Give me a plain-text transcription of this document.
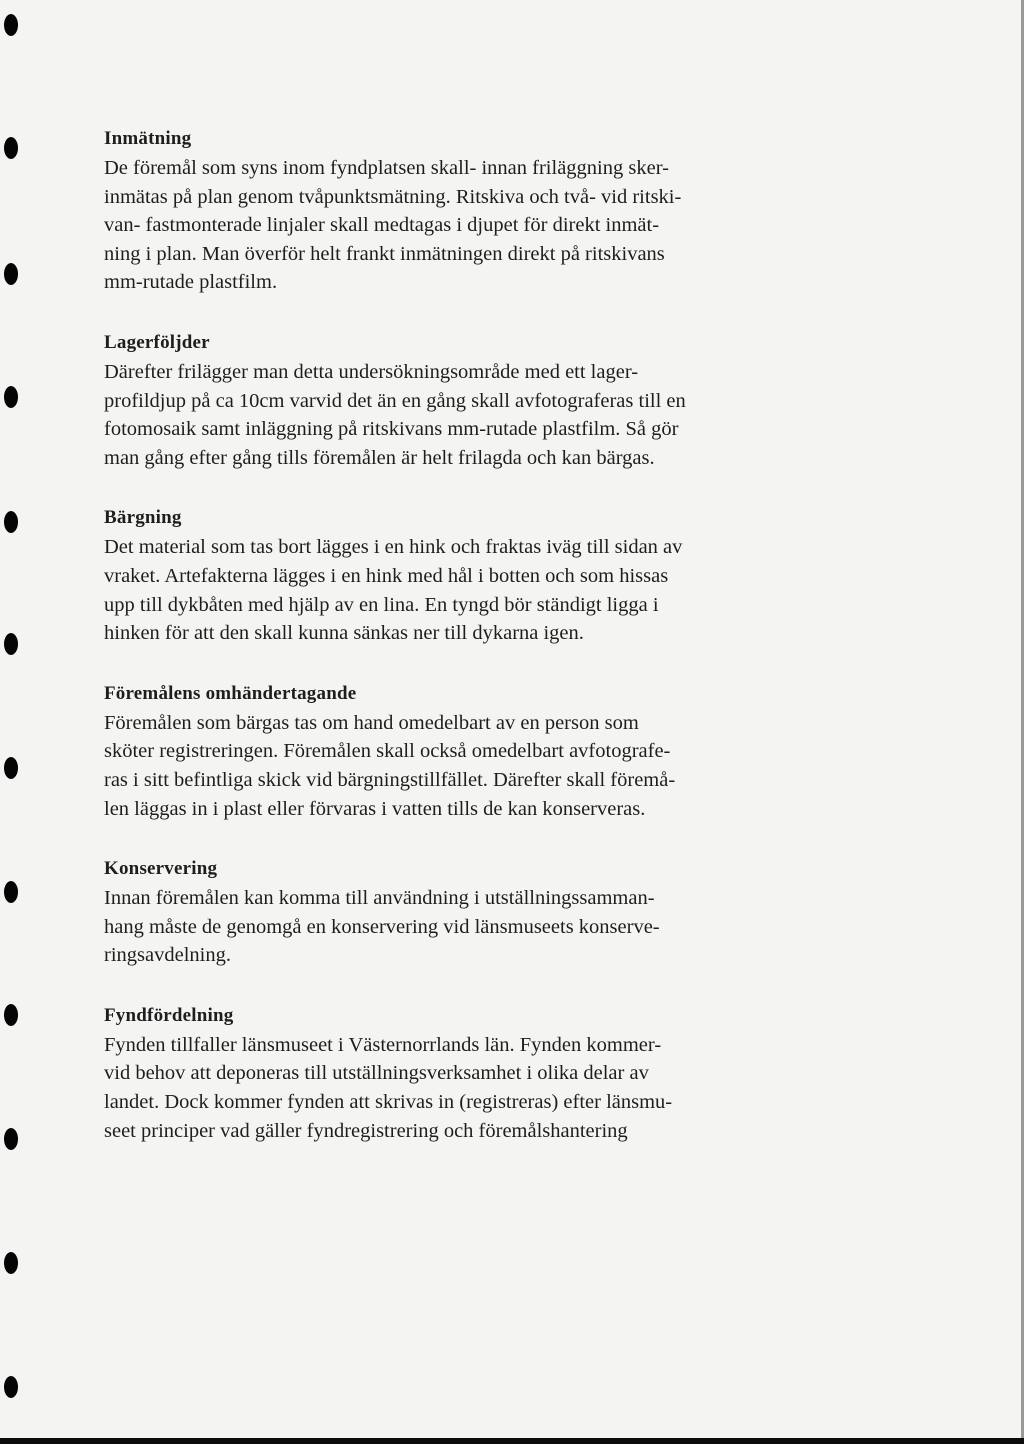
Inmätning

De föremål som syns inom fyndplatsen skall- innan friläggning sker-
inmätas på plan genom tvåpunktsmätning. Ritskiva och två- vid ritski-
van- fastmonterade linjaler skall medtagas i djupet för direkt inmät-
ning i plan. Man överför helt frankt inmätningen direkt på ritskivans
mm-rutade plastfilm.

Lagerföljder

Därefter frilägger man detta undersökningsområde med ett lager-
profildjup på ca 10cm varvid det än en gång skall avfotograferas till en
fotomosaik samt inläggning på ritskivans mm-rutade plastfilm. Så gör
man gång efter gång tills föremålen är helt frilagda och kan bärgas.

Bärgning

Det material som tas bort lägges i en hink och fraktas iväg till sidan av
vraket. Artefakterna lägges i en hink med hål i botten och som hissas
upp till dykbåten med hjälp av en lina. En tyngd bör ständigt ligga i
hinken för att den skall kunna sänkas ner till dykarna igen.

Föremålens omhändertagande

Föremålen som bärgas tas om hand omedelbart av en person som
sköter registreringen. Föremålen skall också omedelbart avfotografe-
ras i sitt befintliga skick vid bärgningstillfället. Därefter skall föremå-
len läggas in i plast eller förvaras i vatten tills de kan konserveras.

Konservering

Innan föremålen kan komma till användning i utställningssamman-
hang måste de genomgå en konservering vid länsmuseets konserve-
ringsavdelning.

Fyndfördelning

Fynden tillfaller länsmuseet i Västernorrlands län. Fynden kommer-
vid behov att deponeras till utställningsverksamhet i olika delar av
landet. Dock kommer fynden att skrivas in (registreras) efter länsmu-
seet principer vad gäller fyndregistrering och föremålshantering
